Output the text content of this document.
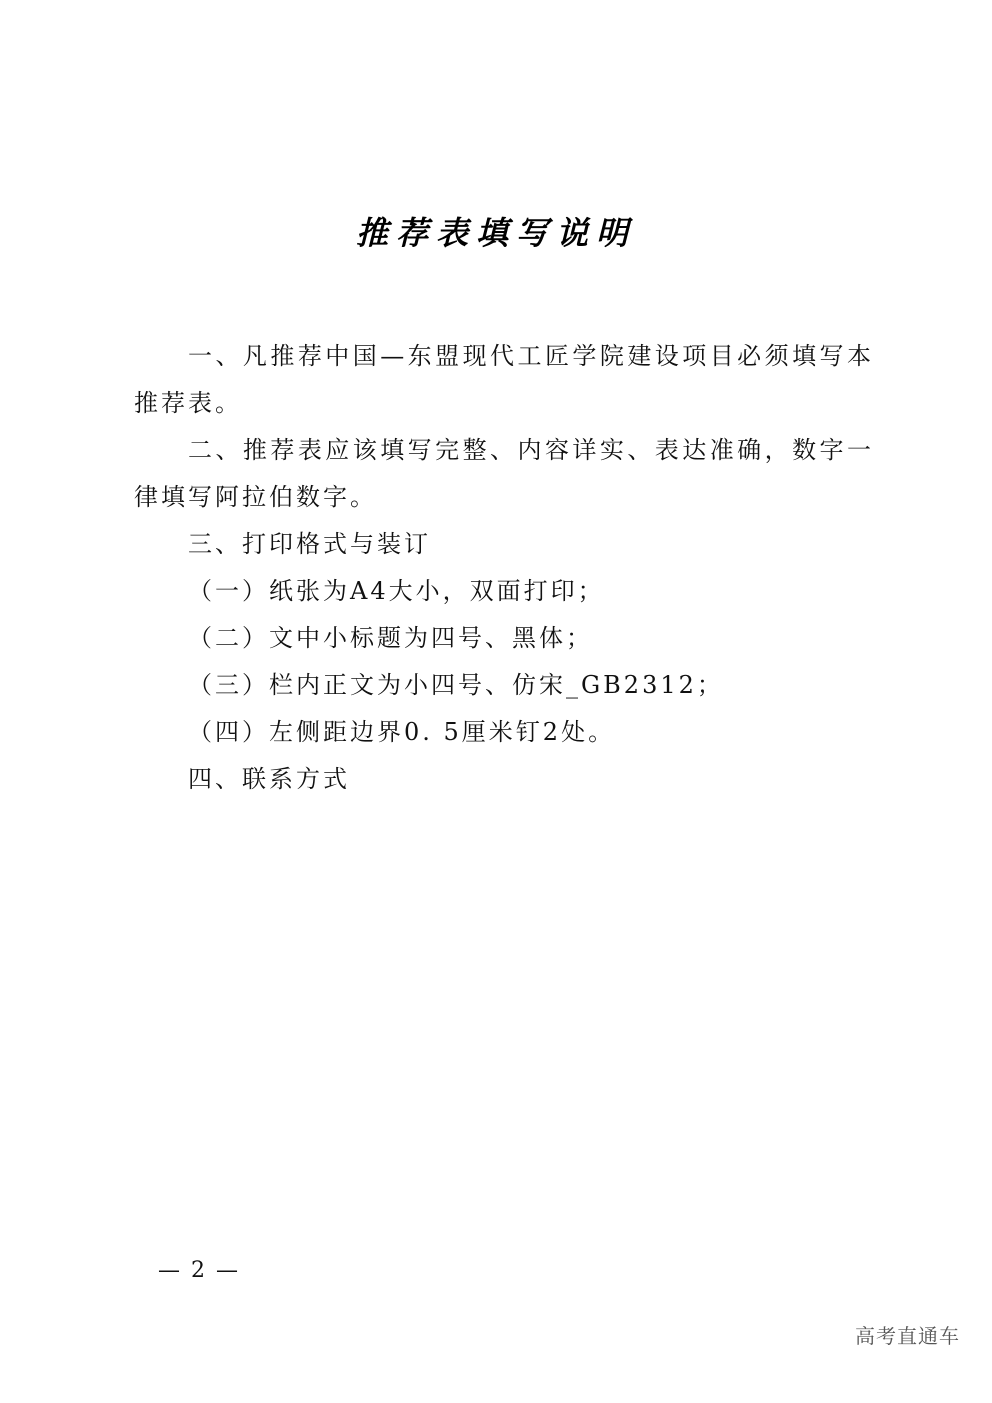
推荐表填写说明

一、凡推荐中国—东盟现代工匠学院建设项目必须填写本推荐表。

二、推荐表应该填写完整、内容详实、表达准确，数字一律填写阿拉伯数字。

三、打印格式与装订

（一）纸张为A4大小，双面打印；

（二）文中小标题为四号、黑体；

（三）栏内正文为小四号、仿宋_GB2312；

（四）左侧距边界0. 5厘米钉2处。

四、联系方式

— 2 —
高考直通车
